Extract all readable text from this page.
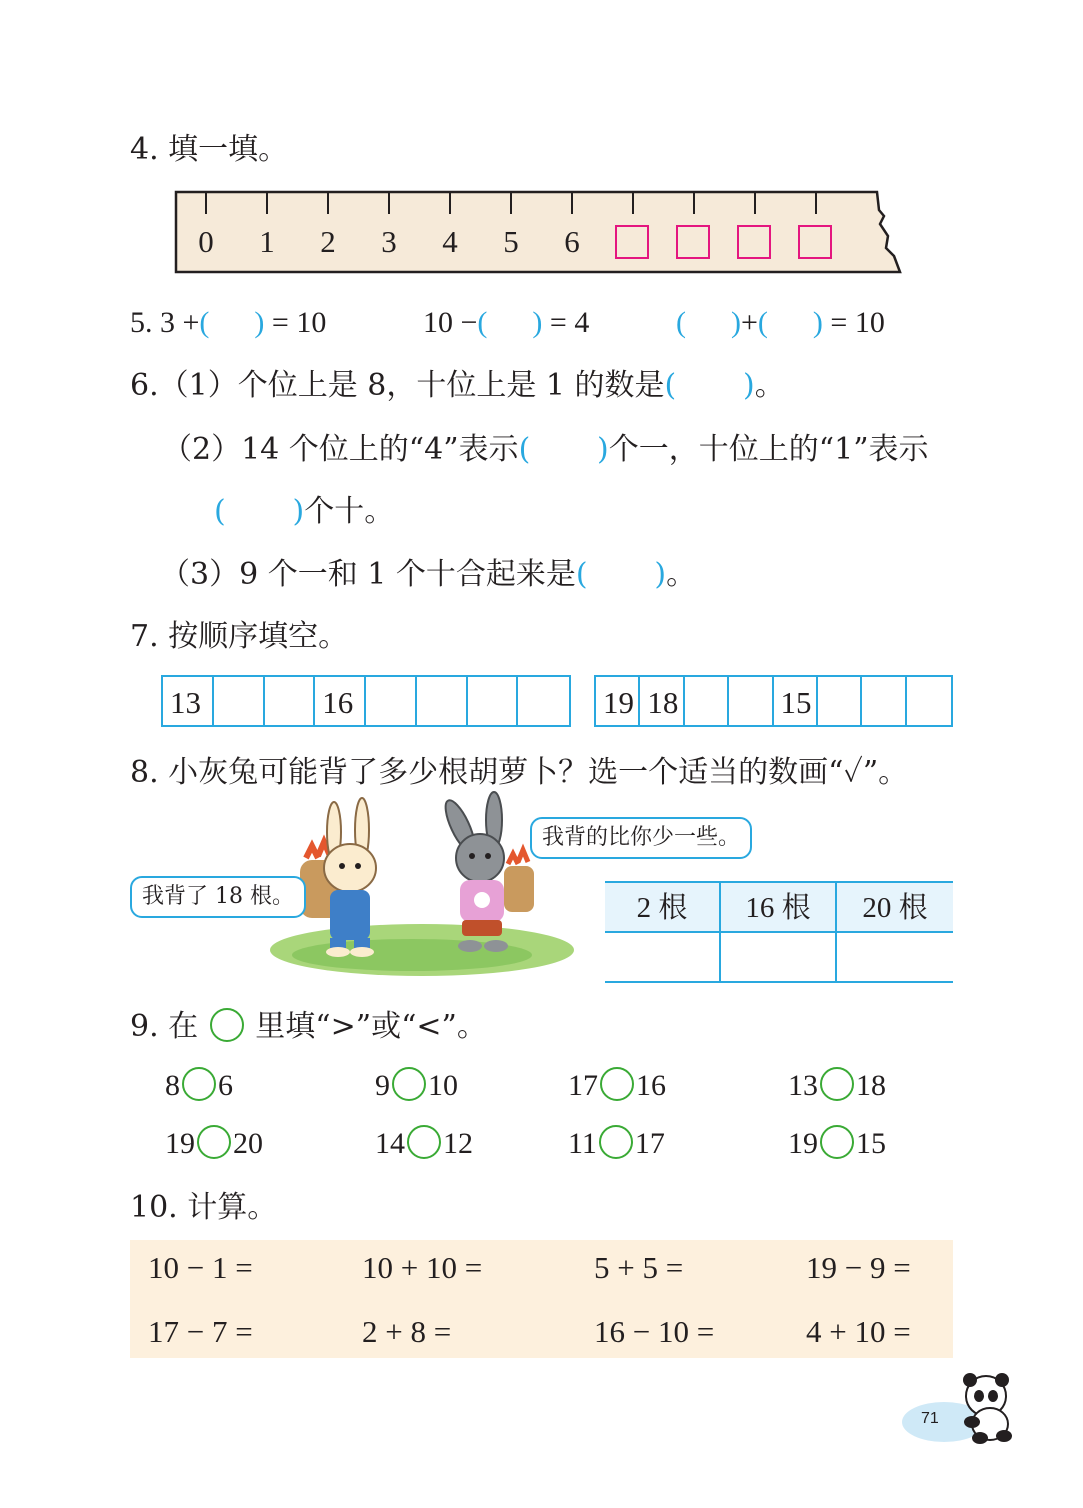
4. 填一填。
0 1 2 3 4 5 6
5. 3 +( ) = 10	10 −( ) = 4	( )+( ) = 10
6.（1）个位上是 8，十位上是 1 的数是( )。
（2）14 个位上的“4”表示( )个一，十位上的“1”表示
( )个十。
（3）9 个一和 1 个十合起来是( )。
7. 按顺序填空。
13	16	19 18	15
8. 小灰兔可能背了多少根胡萝卜？选一个适当的数画“✓”。
我背了 18 根。
我背的比你少一些。
2 根	16 根	20 根
9. 在 里填“>”或“<”。
8 6	9 10	17 16	13 18
19 20	14 12	11 17	19 15
10. 计算。
10 − 1 =	10 + 10 =	5 + 5 =	19 − 9 =
17 − 7 =	2 + 8 =	16 − 10 =	4 + 10 =
71
